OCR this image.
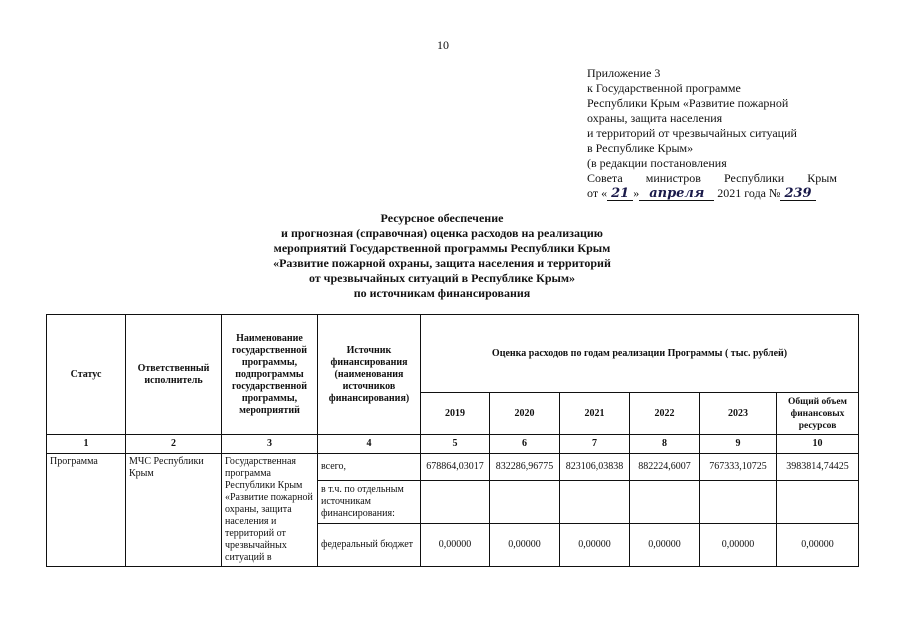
10
Приложение 3
к Государственной программе
Республики Крым «Развитие пожарной
охраны, защита населения
и территорий от чрезвычайных ситуаций
в Республике Крым»
(в редакции постановления
Совета министров Республики Крым
от « 21 » апреля 2021 года № 239
Ресурсное обеспечение
и прогнозная (справочная) оценка расходов на реализацию
мероприятий Государственной программы Республики Крым
«Развитие пожарной охраны, защита населения и территорий
от чрезвычайных ситуаций в Республике Крым»
по источникам финансирования
Статус	Ответственный исполнитель	Наименование государственной программы, подпрограммы государственной программы, мероприятий	Источник финансирования (наименования источников финансирования)	Оценка расходов по годам реализации Программы ( тыс. рублей)					
				2019	2020	2021	2022	2023	Общий объем финансовых ресурсов
1	2	3	4	5	6	7	8	9	10
Программа	МЧС Республики Крым	Государственная программа Республики Крым «Развитие пожарной охраны, защита населения и территорий от чрезвычайных ситуаций в	всего,	678864,03017	832286,96775	823106,03838	882224,6007	767333,10725	3983814,74425
			в т.ч. по отдельным источникам финансирования:						
			федеральный бюджет	0,00000	0,00000	0,00000	0,00000	0,00000	0,00000
